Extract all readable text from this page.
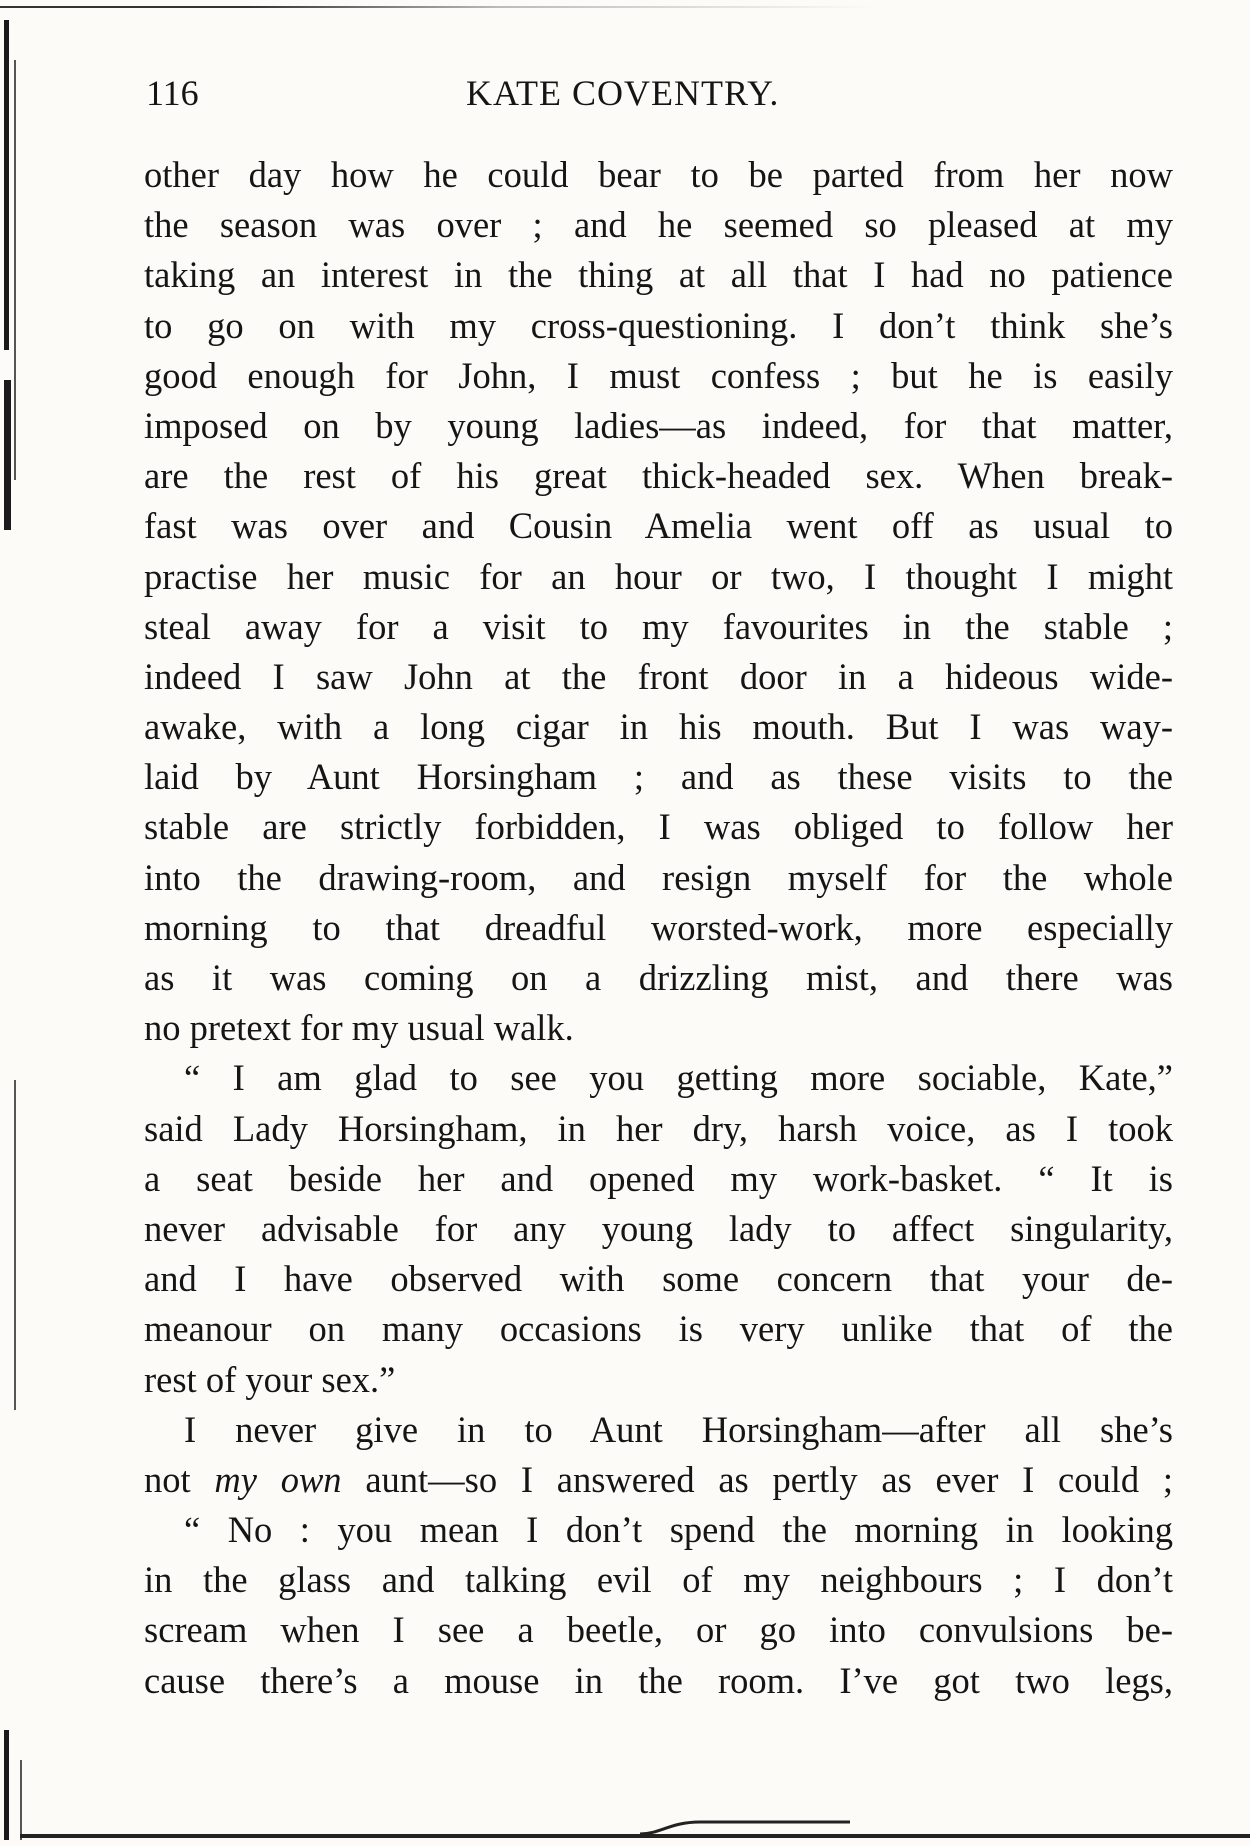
116	KATE COVENTRY.
other day how he could bear to be parted from her now
the season was over ; and he seemed so pleased at my
taking an interest in the thing at all that I had no patience
to go on with my cross-questioning. I don’t think she’s
good enough for John, I must confess ; but he is easily
imposed on by young ladies—as indeed, for that matter,
are the rest of his great thick-headed sex. When break-
fast was over and Cousin Amelia went off as usual to
practise her music for an hour or two, I thought I might
steal away for a visit to my favourites in the stable ;
indeed I saw John at the front door in a hideous wide-
awake, with a long cigar in his mouth. But I was way-
laid by Aunt Horsingham ; and as these visits to the
stable are strictly forbidden, I was obliged to follow her
into the drawing-room, and resign myself for the whole
morning to that dreadful worsted-work, more especially
as it was coming on a drizzling mist, and there was
no pretext for my usual walk.
“ I am glad to see you getting more sociable, Kate,”
said Lady Horsingham, in her dry, harsh voice, as I took
a seat beside her and opened my work-basket. “ It is
never advisable for any young lady to affect singularity,
and I have observed with some concern that your de-
meanour on many occasions is very unlike that of the
rest of your sex.”
I never give in to Aunt Horsingham—after all she’s
not my own aunt—so I answered as pertly as ever I could ;
“ No : you mean I don’t spend the morning in looking
in the glass and talking evil of my neighbours ; I don’t
scream when I see a beetle, or go into convulsions be-
cause there’s a mouse in the room. I’ve got two legs,
